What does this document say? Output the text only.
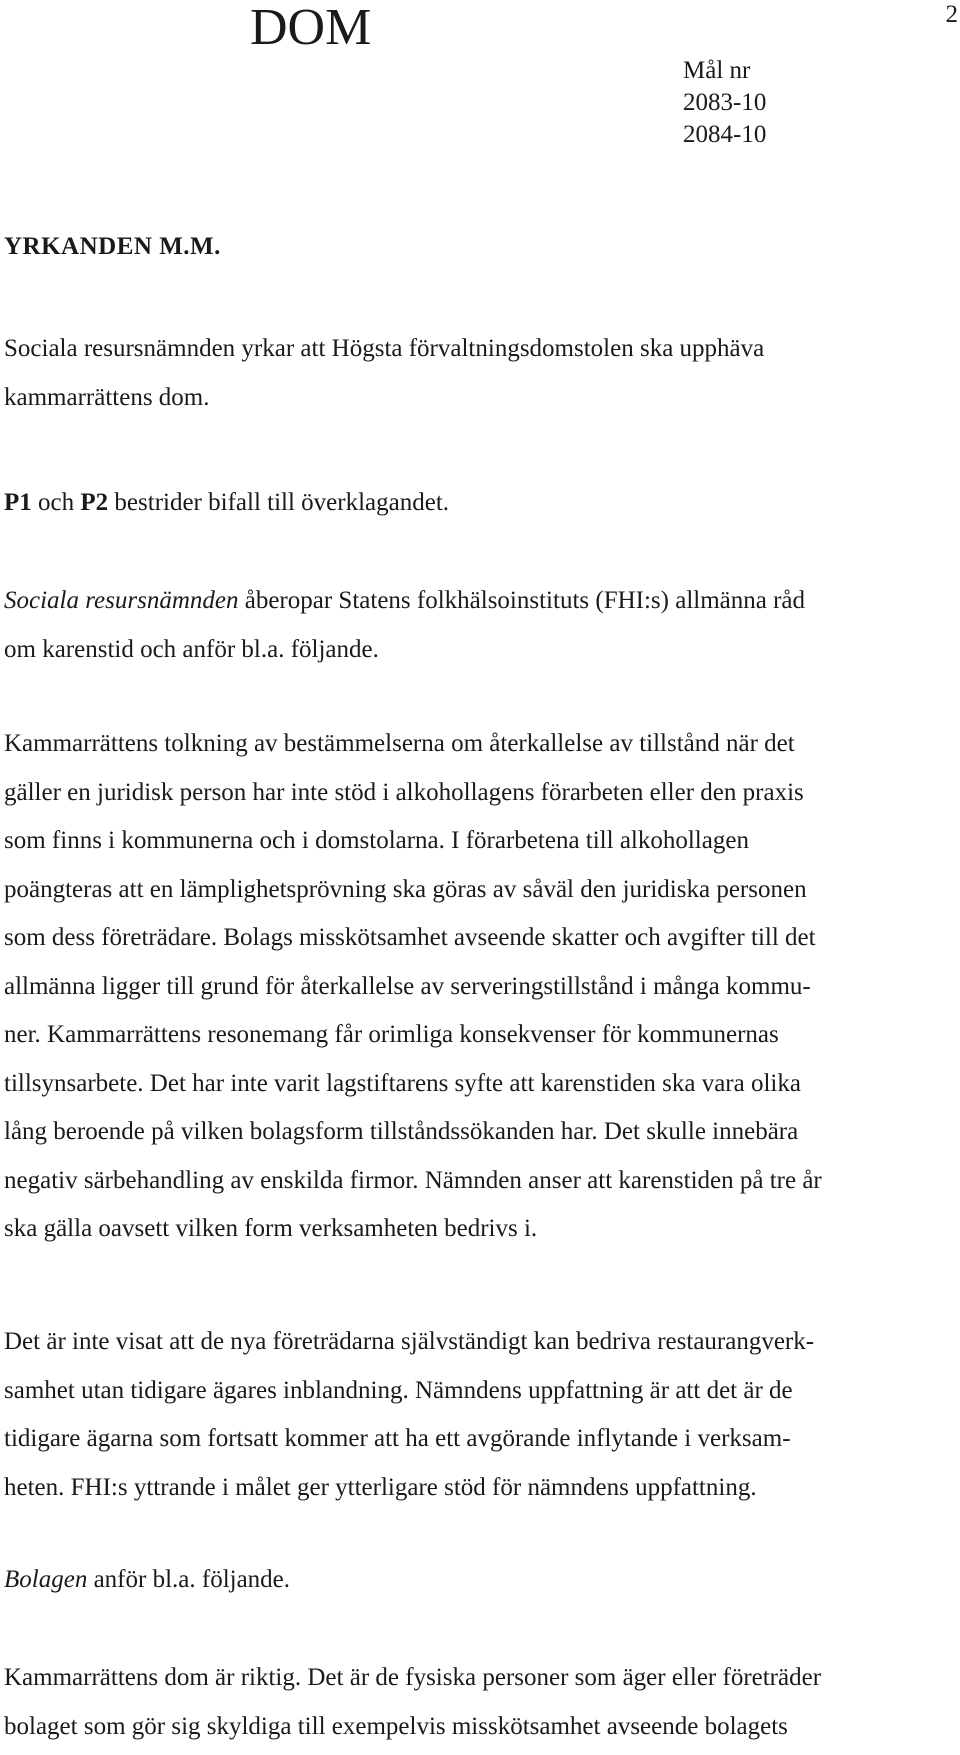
DOM	2
Mål nr
2083-10
2084-10
YRKANDEN M.M.
Sociala resursnämnden yrkar att Högsta förvaltningsdomstolen ska upphäva
kammarrättens dom.
P1 och P2 bestrider bifall till överklagandet.
Sociala resursnämnden åberopar Statens folkhälsoinstituts (FHI:s) allmänna råd
om karenstid och anför bl.a. följande.
Kammarrättens tolkning av bestämmelserna om återkallelse av tillstånd när det
gäller en juridisk person har inte stöd i alkohollagens förarbeten eller den praxis
som finns i kommunerna och i domstolarna. I förarbetena till alkohollagen
poängteras att en lämplighetsprövning ska göras av såväl den juridiska personen
som dess företrädare. Bolags misskötsamhet avseende skatter och avgifter till det
allmänna ligger till grund för återkallelse av serveringstillstånd i många kommu-
ner. Kammarrättens resonemang får orimliga konsekvenser för kommunernas
tillsynsarbete. Det har inte varit lagstiftarens syfte att karenstiden ska vara olika
lång beroende på vilken bolagsform tillståndssökanden har. Det skulle innebära
negativ särbehandling av enskilda firmor. Nämnden anser att karenstiden på tre år
ska gälla oavsett vilken form verksamheten bedrivs i.
Det är inte visat att de nya företrädarna självständigt kan bedriva restaurangverk-
samhet utan tidigare ägares inblandning. Nämndens uppfattning är att det är de
tidigare ägarna som fortsatt kommer att ha ett avgörande inflytande i verksam-
heten. FHI:s yttrande i målet ger ytterligare stöd för nämndens uppfattning.
Bolagen anför bl.a. följande.
Kammarrättens dom är riktig. Det är de fysiska personer som äger eller företräder
bolaget som gör sig skyldiga till exempelvis misskötsamhet avseende bolagets
